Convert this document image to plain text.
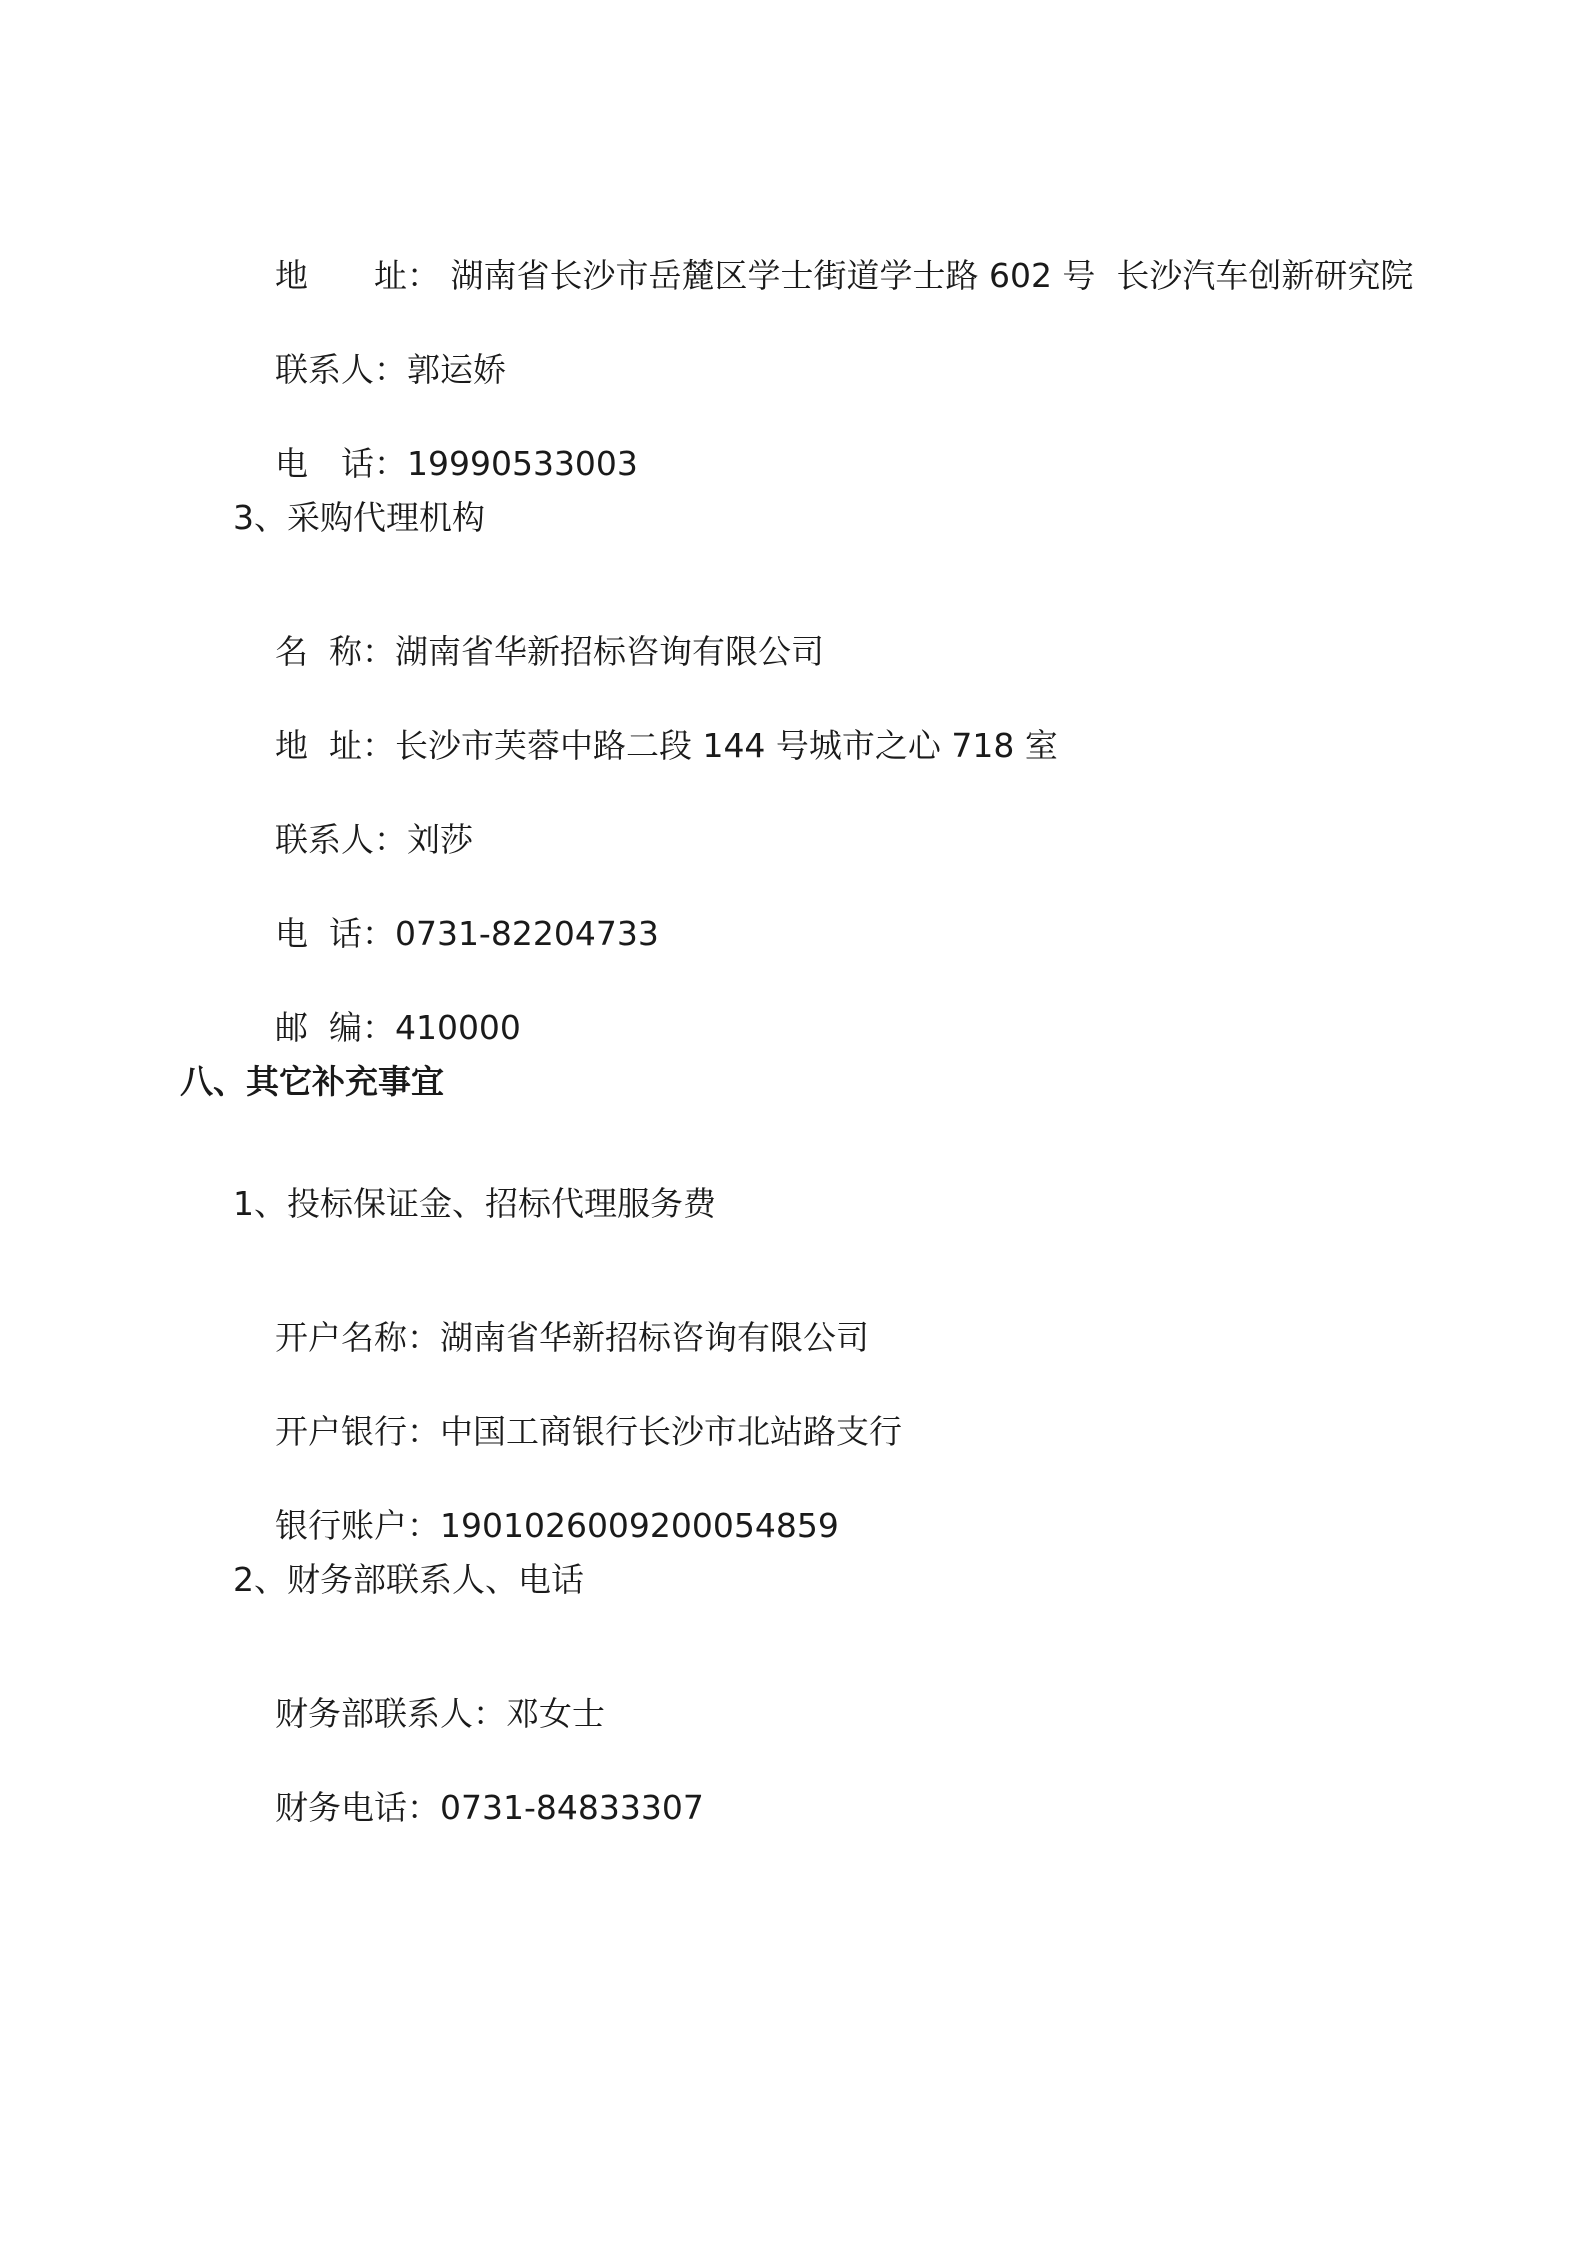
地　　址： 湖南省长沙市岳麓区学士街道学士路 602 号  长沙汽车创新研究院

联系人：郭运娇

电　话：19990533003

3、采购代理机构

名  称：湖南省华新招标咨询有限公司

地  址：长沙市芙蓉中路二段 144 号城市之心 718 室

联系人：刘莎

电  话：0731-82204733

邮  编：410000

八、其它补充事宜
1、投标保证金、招标代理服务费

开户名称：湖南省华新招标咨询有限公司

开户银行：中国工商银行长沙市北站路支行

银行账户：1901026009200054859

2、财务部联系人、电话

财务部联系人：邓女士

财务电话：0731-84833307
